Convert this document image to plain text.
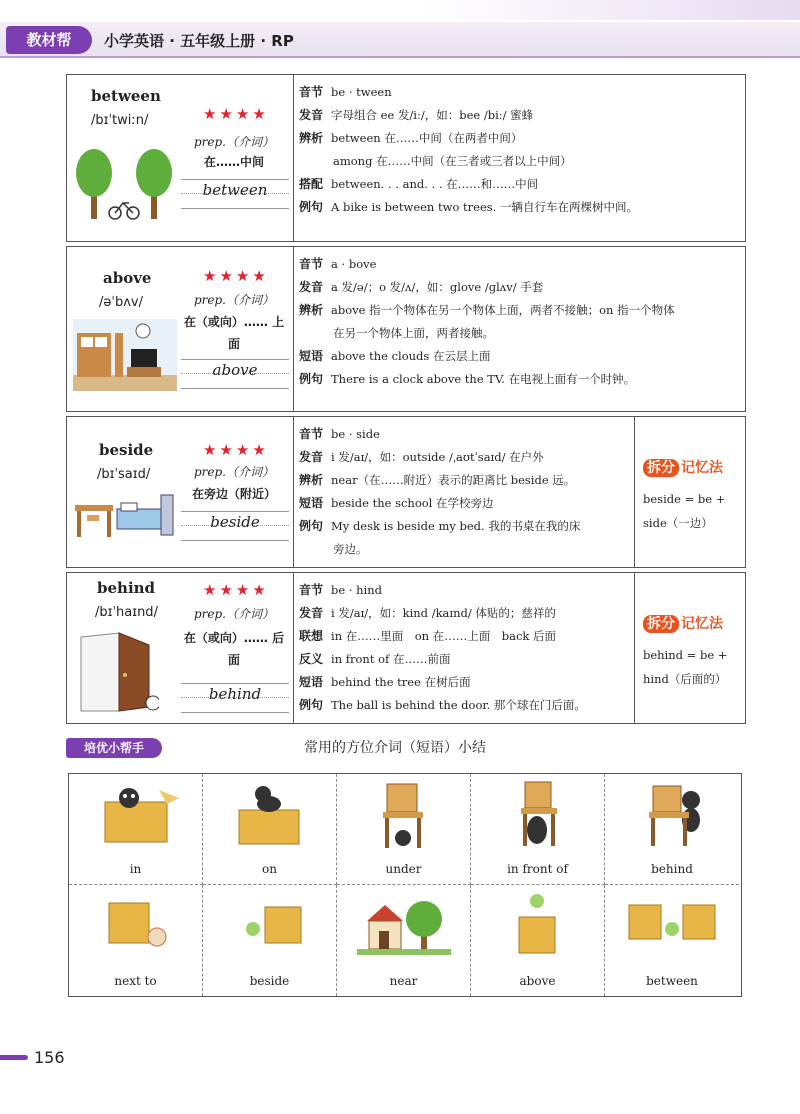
教材帮	小学英语 · 五年级上册 · RP
between
/bɪˈtwiːn/	★★★★
prep.（介词）
在……中间
between
音节 be · tween
发音 字母组合 ee 发/iː/，如：bee /biː/ 蜜蜂
辨析 between 在……中间（在两者中间）
among 在……中间（在三者或三者以上中间）
搭配 between. . . and. . . 在……和……中间
例句 A bike is between two trees. 一辆自行车在两棵树中间。
above
/əˈbʌv/
★★★★
prep.（介词）
在（或向）…… 上面
above
音节 a · bove
发音 a 发/ə/；o 发/ʌ/，如：glove /ɡlʌv/ 手套
辨析 above 指一个物体在另一个物体上面，两者不接触；on 指一个物体
在另一个物体上面，两者接触。
短语 above the clouds 在云层上面
例句 There is a clock above the TV. 在电视上面有一个时钟。
beside
/bɪˈsaɪd/
★★★★
prep.（介词）
在旁边（附近）
beside
音节 be · side
发音 i 发/aɪ/，如：outside /ˌaʊtˈsaɪd/ 在户外
辨析 near（在……附近）表示的距离比 beside 远。
短语 beside the school 在学校旁边
例句 My desk is beside my bed. 我的书桌在我的床
旁边。
拆分 记忆法
beside = be +
side（一边）
behind
/bɪˈhaɪnd/
★★★★
prep.（介词）
在（或向）…… 后面
behind
音节 be · hind
发音 i 发/aɪ/，如：kind /kaɪnd/ 体贴的；慈祥的
联想 in 在……里面　on 在……上面　back 后面
反义 in front of 在……前面
短语 behind the tree 在树后面
例句 The ball is behind the door. 那个球在门后面。
拆分 记忆法
behind = be +
hind（后面的）
培优小帮手	常用的方位介词（短语）小结
in	on	under	in front of	behind
next to	beside	near	above	between
156
